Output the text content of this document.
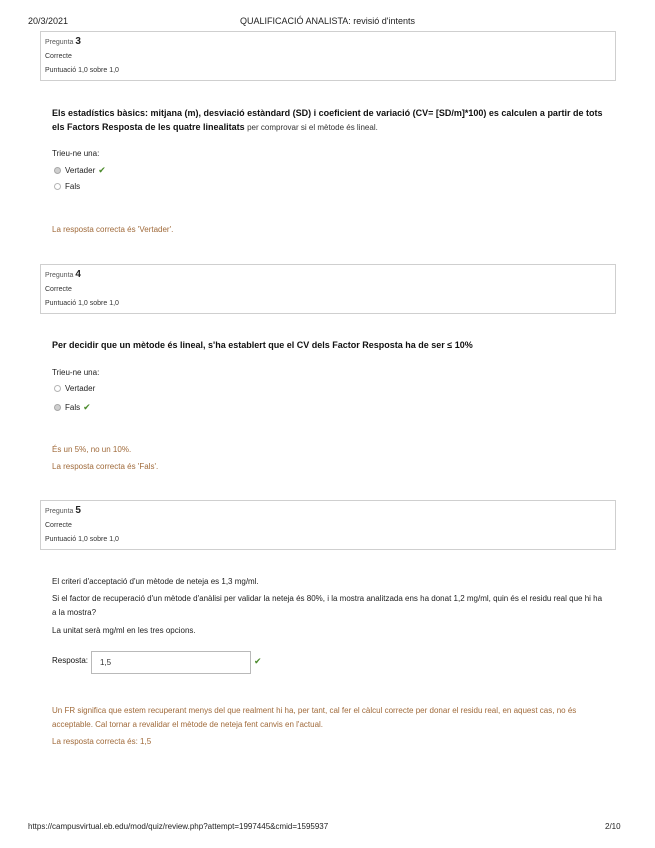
20/3/2021	QUALIFICACIÓ ANALISTA: revisió d'intents
Pregunta 3
Correcte
Puntuació 1,0 sobre 1,0
Els estadístics bàsics: mitjana (m), desviació estàndard (SD) i coeficient de variació (CV= [SD/m]*100) es calculen a partir de tots els Factors Resposta de les quatre linealitats per comprovar si el mètode és lineal.
Trieu-ne una:
Vertader ✔
Fals
La resposta correcta és 'Vertader'.
Pregunta 4
Correcte
Puntuació 1,0 sobre 1,0
Per decidir que un mètode és lineal, s'ha establert que el CV dels Factor Resposta ha de ser ≤ 10%
Trieu-ne una:
Vertader
Fals ✔
És un 5%, no un 10%.
La resposta correcta és 'Fals'.
Pregunta 5
Correcte
Puntuació 1,0 sobre 1,0
El criteri d'acceptació d'un mètode de neteja es 1,3 mg/ml.
Si el factor de recuperació d'un mètode d'anàlisi per validar la neteja és 80%, i la mostra analitzada ens ha donat 1,2 mg/ml, quin és el residu real que hi ha a la mostra?
La unitat serà mg/ml en les tres opcions.
Resposta:	1,5	✔
Un FR significa que estem recuperant menys del que realment hi ha, per tant, cal fer el càlcul correcte per donar el residu real, en aquest cas, no és acceptable. Cal tornar a revalidar el mètode de neteja fent canvis en l'actual.
La resposta correcta és: 1,5
https://campusvirtual.eb.edu/mod/quiz/review.php?attempt=1997445&cmid=1595937	2/10
